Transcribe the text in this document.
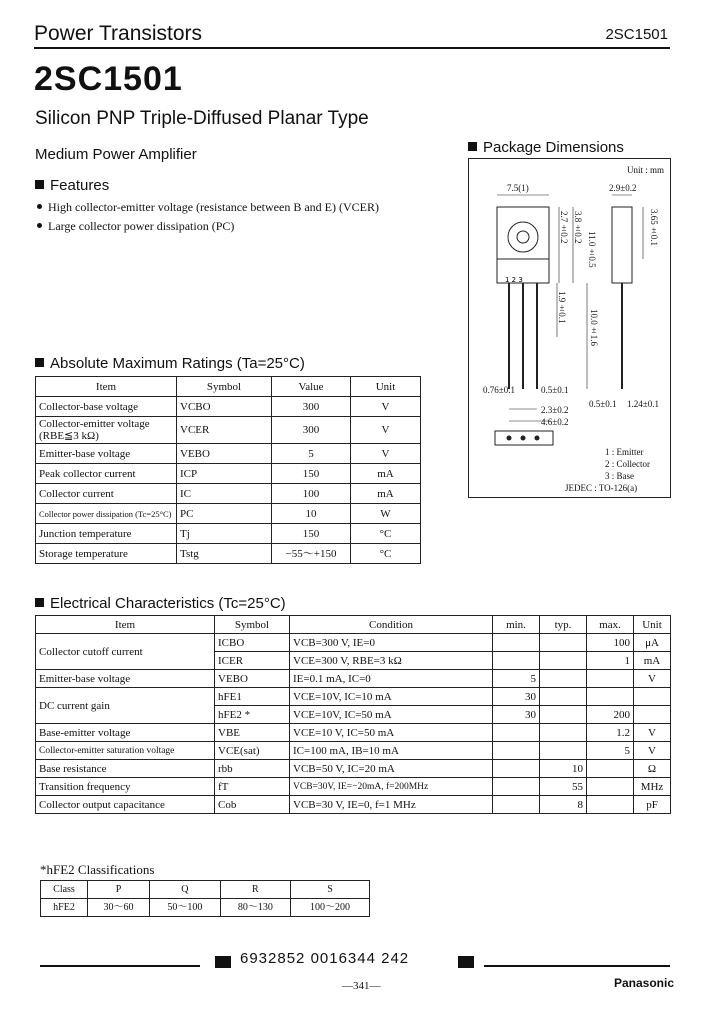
Power Transistors	2SC1501
2SC1501
Silicon PNP Triple-Diffused Planar Type
Medium Power Amplifier
Features
High collector-emitter voltage (resistance between B and E) (VCER)
Large collector power dissipation (PC)
Package Dimensions
Unit : mm
1 2 3
7.5(1)	2.9±0.2
2.7±0.2 3.8±0.2
11.0±0.5
3.65±0.1
1.9±0.1
10.0±1.6
0.76±0.1	0.5±0.1
0.5±0.1 1.24±0.1
2.3±0.2
4.6±0.2
1 : Emitter
2 : Collector
3 : Base
JEDEC : TO-126(a)
Absolute Maximum Ratings (Ta=25°C)
Item	Symbol	Value	Unit
Collector-base voltage	VCBO	300	V
Collector-emitter voltage (RBE≦3 kΩ)	VCER	300	V
Emitter-base voltage	VEBO	5	V
Peak collector current	ICP	150	mA
Collector current	IC	100	mA
Collector power dissipation (Tc=25°C)	PC	10	W
Junction temperature	Tj	150	°C
Storage temperature	Tstg	−55～+150	°C
Electrical Characteristics (Tc=25°C)
Item	Symbol	Condition	min.	typ.	max.	Unit
Collector cutoff current	ICBO	VCB=300 V, IE=0			100	μA
	ICER	VCE=300 V, RBE=3 kΩ			1	mA
Emitter-base voltage	VEBO	IE=0.1 mA, IC=0	5			V
DC current gain	hFE1	VCE=10V, IC=10 mA	30			
	hFE2 *	VCE=10V, IC=50 mA	30		200	
Base-emitter voltage	VBE	VCE=10 V, IC=50 mA			1.2	V
Collector-emitter saturation voltage	VCE(sat)	IC=100 mA, IB=10 mA			5	V
Base resistance	rbb	VCB=50 V, IC=20 mA		10		Ω
Transition frequency	fT	VCB=30V, IE=−20mA, f=200MHz		55		MHz
Collector output capacitance	Cob	VCB=30 V, IE=0, f=1 MHz		8		pF
*hFE2 Classifications
Class	P	Q	R	S
hFE2	30～60	50～100	80～130	100～200
6932852 0016344 242
—341—	Panasonic
